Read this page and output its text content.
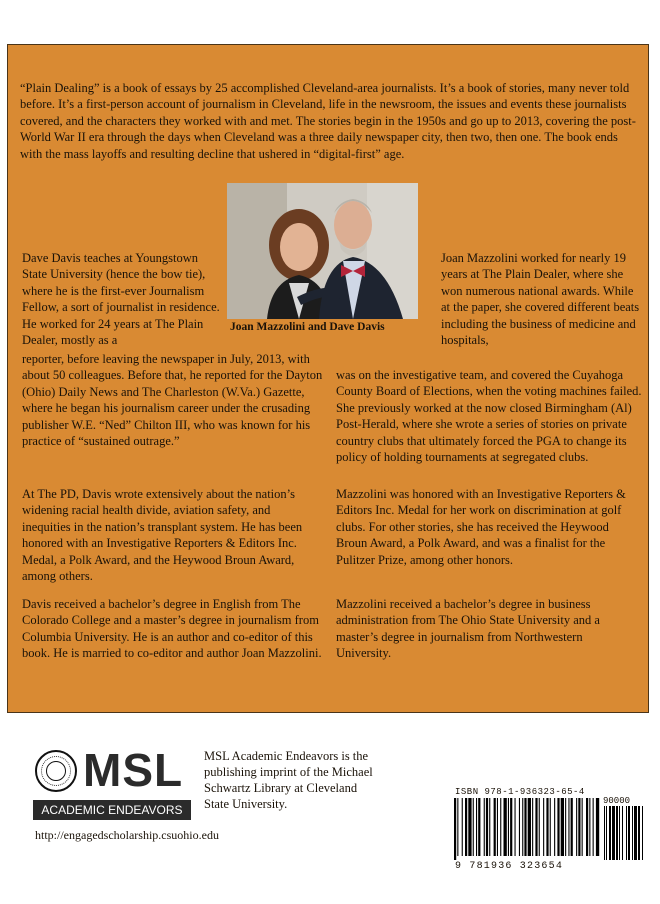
“Plain Dealing” is a book of essays by 25 accomplished Cleveland-area journalists. It’s a book of stories, many never told before. It’s a first-person account of journalism in Cleveland, life in the newsroom, the issues and events these journalists covered, and the characters they worked with and met. The stories begin in the 1950s and go up to 2013, covering the post-World War II era through the days when Cleveland was a three daily newspaper city, then two, then one. The book ends with the mass layoffs and resulting decline that ushered in “digital-first” age.

Joan Mazzolini and Dave Davis

Dave Davis teaches at Youngstown State University (hence the bow tie), where he is the first-ever Journalism Fellow, a sort of journalist in residence. He worked for 24 years at The Plain Dealer, mostly as a

reporter, before leaving the newspaper in July, 2013, with about 50 colleagues. Before that, he reported for the Dayton (Ohio) Daily News and The Charleston (W.Va.) Gazette, where he began his journalism career under the crusading publisher W.E. “Ned” Chilton III, who was known for his practice of “sustained outrage.”

At The PD, Davis wrote extensively about the nation’s widening racial health divide, aviation safety, and inequities in the nation’s transplant system. He has been honored with an Investigative Reporters & Editors Inc. Medal, a Polk Award, and the Heywood Broun Award, among others.

Davis received a bachelor’s degree in English from The Colorado College and a master’s degree in journalism from Columbia University. He is an author and co-editor of this book. He is married to co-editor and author Joan Mazzolini.

Joan Mazzolini worked for nearly 19 years at The Plain Dealer, where she won numerous national awards. While at the paper, she covered different beats including the business of medicine and hospitals,

was on the investigative team, and covered the Cuyahoga County Board of Elections, when the voting machines failed. She previously worked at the now closed Birmingham (Al) Post-Herald, where she wrote a series of stories on private country clubs that ultimately forced the PGA to change its policy of holding tournaments at segregated clubs.

Mazzolini was honored with an Investigative Reporters & Editors Inc. Medal for her work on discrimination at golf clubs. For other stories, she has received the Heywood Broun Award, a Polk Award, and was a finalist for the Pulitzer Prize, among other honors.

Mazzolini received a bachelor’s degree in business administration from The Ohio State University and a master’s degree in journalism from Northwestern University.

MSL
ACADEMIC ENDEAVORS

http://engagedscholarship.csuohio.edu

MSL Academic Endeavors is the publishing imprint of the Michael Schwartz Library at Cleveland State University.

ISBN 978-1-936323-65-4

90000

9 781936 323654
